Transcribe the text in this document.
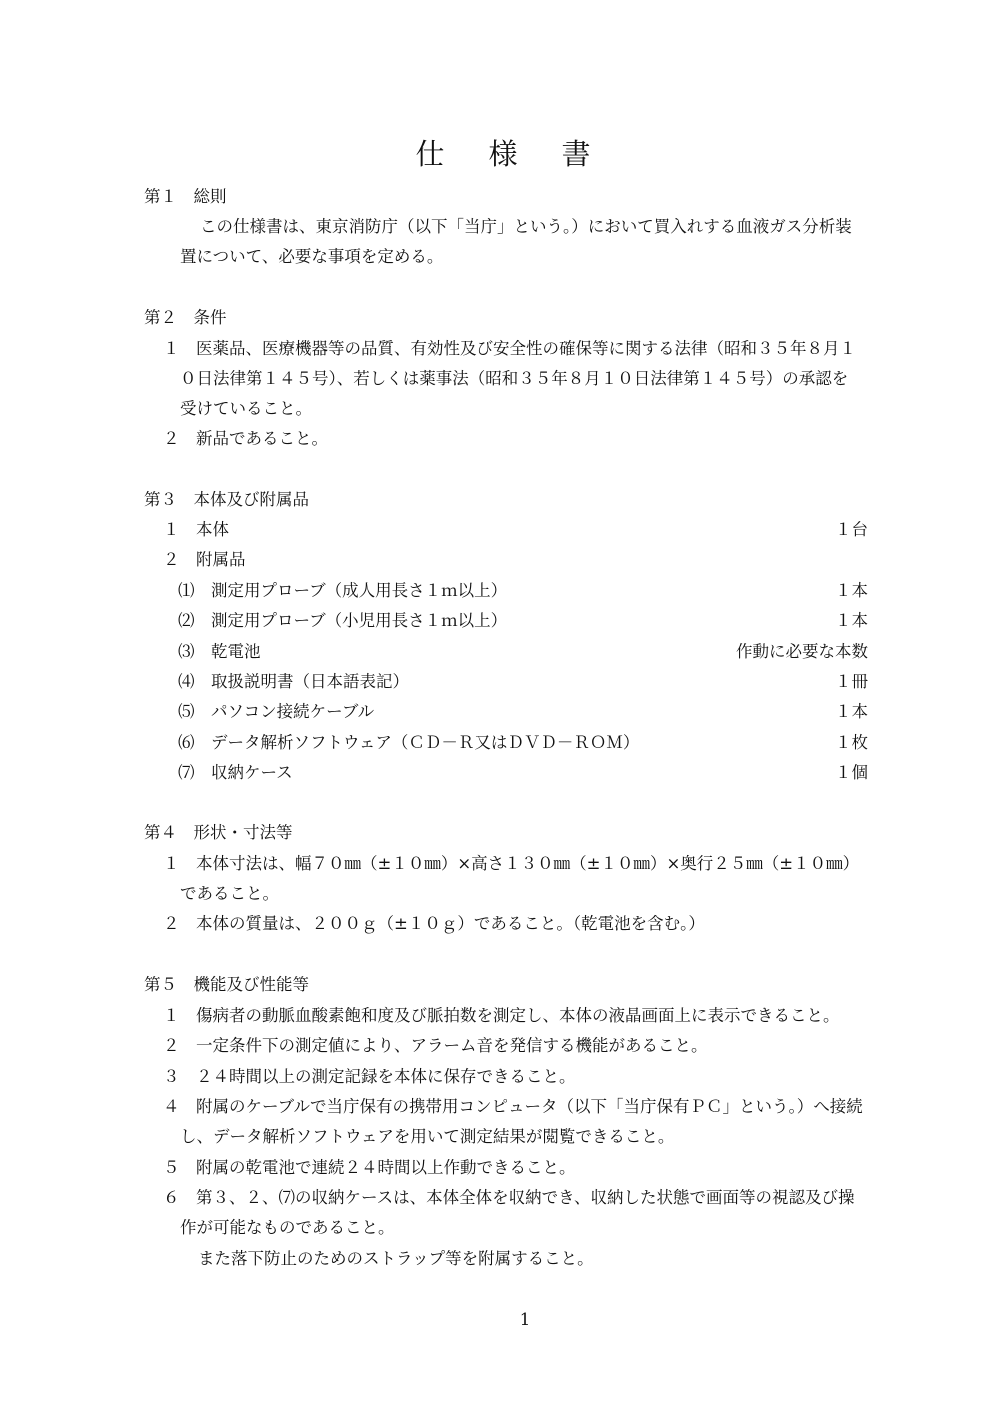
仕様書
第１　総則
この仕様書は、東京消防庁（以下「当庁」という。）において買入れする血液ガス分析装
置について、必要な事項を定める。
第２　条件
１　医薬品、医療機器等の品質、有効性及び安全性の確保等に関する法律（昭和３５年８月１
０日法律第１４５号）、若しくは薬事法（昭和３５年８月１０日法律第１４５号）の承認を
受けていること。
２　新品であること。
第３　本体及び附属品
１　本体	１台
２　附属品
⑴　測定用プローブ（成人用長さ１ｍ以上）	１本
⑵　測定用プローブ（小児用長さ１ｍ以上）	１本
⑶　乾電池	作動に必要な本数
⑷　取扱説明書（日本語表記）	１冊
⑸　パソコン接続ケーブル	１本
⑹　データ解析ソフトウェア（ＣＤ－Ｒ又はＤＶＤ－ＲＯＭ）	１枚
⑺　収納ケース	１個
第４　形状・寸法等
１　本体寸法は、幅７０㎜（±１０㎜）×高さ１３０㎜（±１０㎜）×奥行２５㎜（±１０㎜）
であること。
２　本体の質量は、２００ｇ（±１０ｇ）であること。（乾電池を含む。）
第５　機能及び性能等
１　傷病者の動脈血酸素飽和度及び脈拍数を測定し、本体の液晶画面上に表示できること。
２　一定条件下の測定値により、アラーム音を発信する機能があること。
３　２４時間以上の測定記録を本体に保存できること。
４　附属のケーブルで当庁保有の携帯用コンピュータ（以下「当庁保有ＰＣ」という。）へ接続
し、データ解析ソフトウェアを用いて測定結果が閲覧できること。
５　附属の乾電池で連続２４時間以上作動できること。
６　第３、２、⑺の収納ケースは、本体全体を収納でき、収納した状態で画面等の視認及び操
作が可能なものであること。
また落下防止のためのストラップ等を附属すること。
1
